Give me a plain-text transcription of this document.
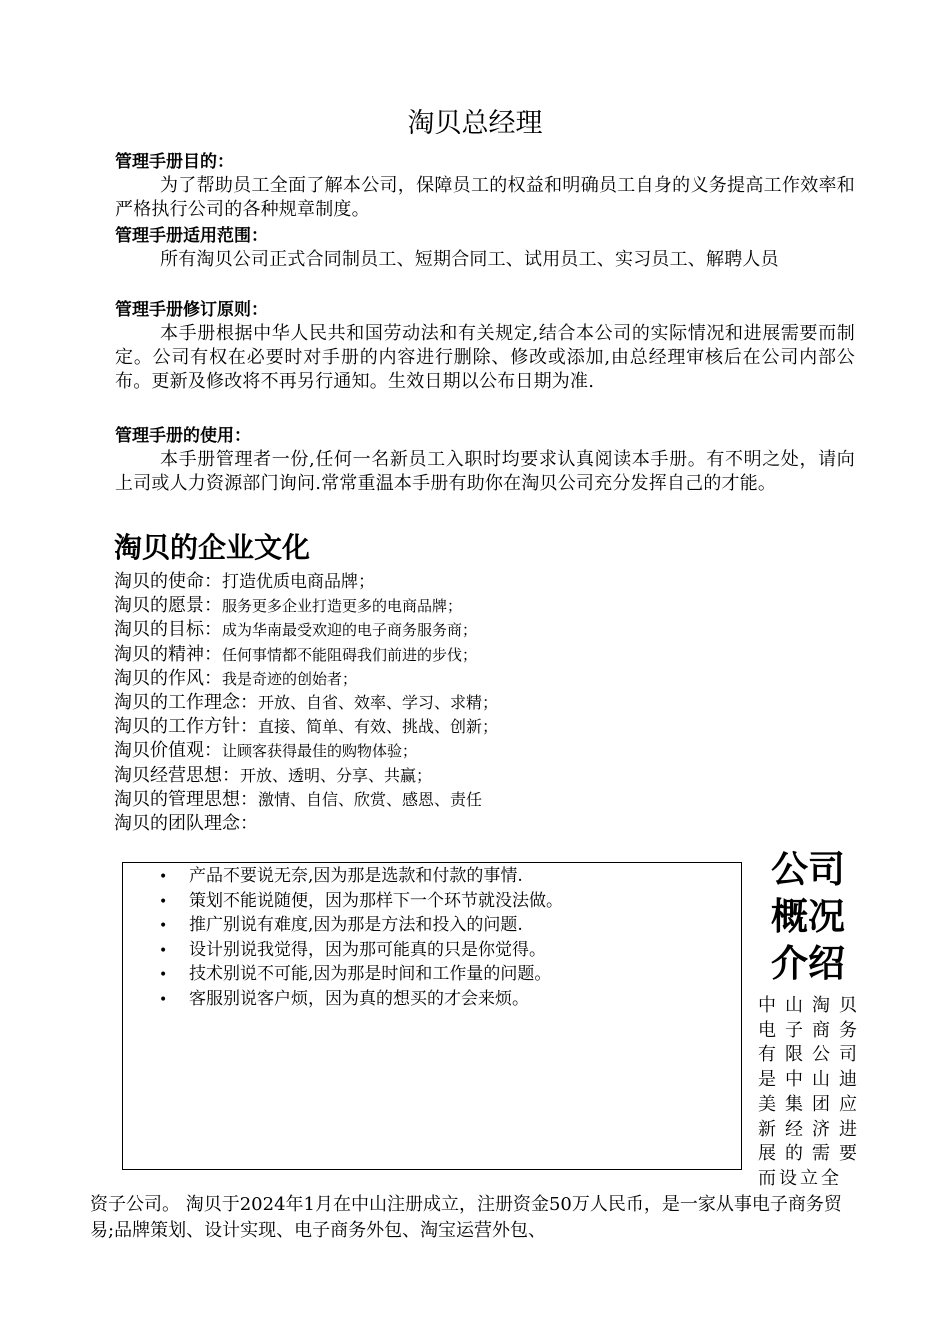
淘贝总经理
管理手册目的：
为了帮助员工全面了解本公司，保障员工的权益和明确员工自身的义务提高工作效率和严格执行公司的各种规章制度。
管理手册适用范围：
所有淘贝公司正式合同制员工、短期合同工、试用员工、实习员工、解聘人员
管理手册修订原则：
本手册根据中华人民共和国劳动法和有关规定,结合本公司的实际情况和进展需要而制定。公司有权在必要时对手册的内容进行删除、修改或添加,由总经理审核后在公司内部公布。更新及修改将不再另行通知。生效日期以公布日期为准.
管理手册的使用：
本手册管理者一份,任何一名新员工入职时均要求认真阅读本手册。有不明之处，请向上司或人力资源部门询问.常常重温本手册有助你在淘贝公司充分发挥自己的才能。
淘贝的企业文化
淘贝的使命：打造优质电商品牌；
淘贝的愿景：服务更多企业打造更多的电商品牌；
淘贝的目标：成为华南最受欢迎的电子商务服务商；
淘贝的精神：任何事情都不能阻碍我们前进的步伐；
淘贝的作风：我是奇迹的创始者；
淘贝的工作理念：开放、自省、效率、学习、求精；
淘贝的工作方针：直接、简单、有效、挑战、创新；
淘贝价值观：让顾客获得最佳的购物体验；
淘贝经营思想：开放、透明、分享、共赢；
淘贝的管理思想：激情、自信、欣赏、感恩、责任
淘贝的团队理念：
• 产品不要说无奈,因为那是选款和付款的事情.
• 策划不能说随便，因为那样下一个环节就没法做。
• 推广别说有难度,因为那是方法和投入的问题.
• 设计别说我觉得，因为那可能真的只是你觉得。
• 技术别说不可能,因为那是时间和工作量的问题。
• 客服别说客户烦，因为真的想买的才会来烦。
公司概况介绍
中山淘贝电子商务有限公司是中山迪美集团应新经济进展的需要而设立全
资子公司。 淘贝于2024年1月在中山注册成立，注册资金50万人民币，是一家从事电子商务贸易;品牌策划、设计实现、电子商务外包、淘宝运营外包、
